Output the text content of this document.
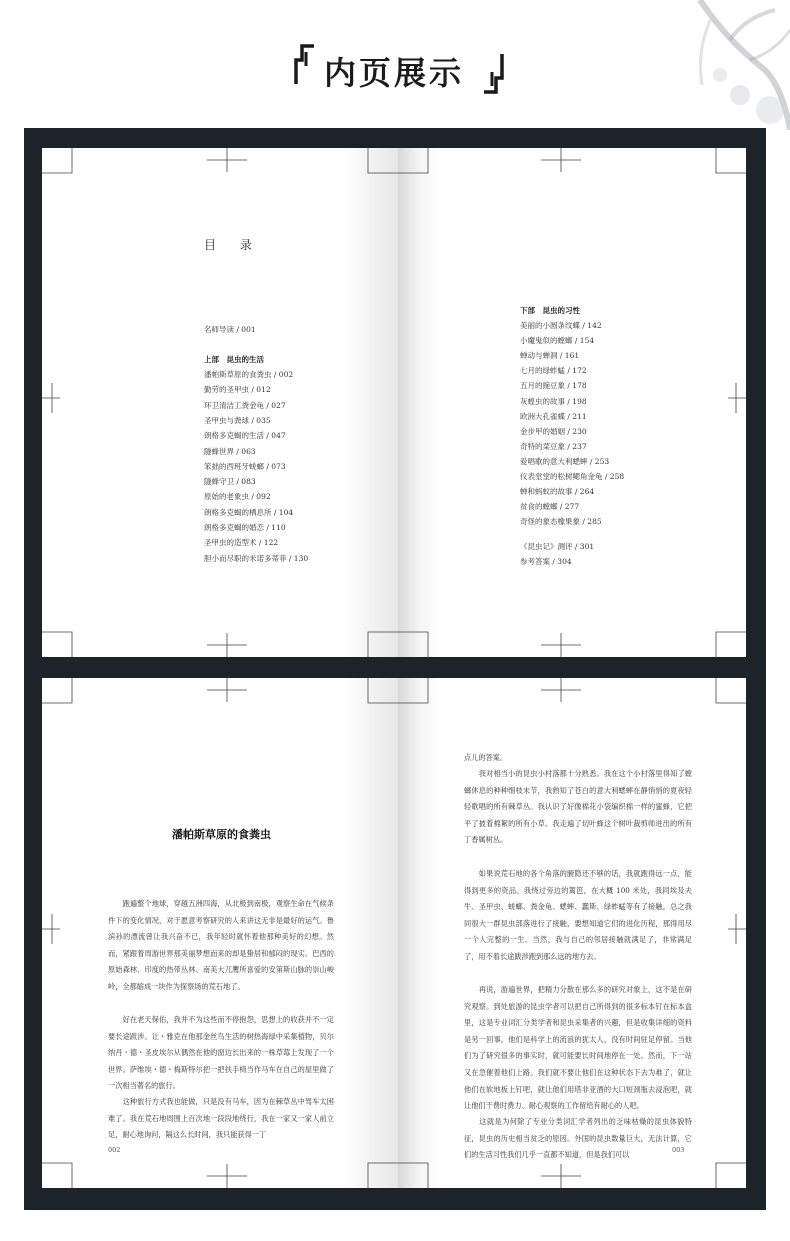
内页展示
目 录
名师导读 / 001
上部　昆虫的生活
潘帕斯草原的食粪虫 / 002
勤劳的圣甲虫 / 012
环卫清洁工粪金龟 / 027
圣甲虫与粪球 / 035
朗格多克蝎的生活 / 047
隧蜂世界 / 063
笨拙的西班牙蜣螂 / 073
隧蜂守卫 / 083
原始的老象虫 / 092
朗格多克蝎的栖息所 / 104
朗格多克蝎的婚恋 / 110
圣甲虫的造型术 / 122
胆小而尽职的米诺多蒂菲 / 130
下部　昆虫的习性
美丽的小圆条纹蝶 / 142
小魔鬼似的螳螂 / 154
蝉动与蝉洞 / 161
七月的绿蚱蜢 / 172
五月的豌豆象 / 178
灰蝗虫的故事 / 198
欧洲大孔雀蝶 / 211
金步甲的婚姻 / 230
奇特的菜豆象 / 237
爱唱歌的意大利蟋蟀 / 253
仪表堂堂的松树鳃角金龟 / 258
蝉和蚂蚁的故事 / 264
贫食的螳螂 / 277
奇怪的象态橡果象 / 285
《昆虫记》测评 / 301
参考答案 / 304
潘帕斯草原的食粪虫
　　跑遍整个地球，穿越五洲四海，从北极到南极，观察生命在气候条件下的变化情况，对于愿意考察研究的人来讲这无非是最好的运气。鲁滨孙的漂流曾让我兴奋不已，我年轻时就怀着他那种美好的幻想。然而，紧跟着周游世界那美丽梦想而来的却是蛰居和郁闷的现实。巴西的原始森林、印度的热带丛林、南美大兀鹰所喜爱的安第斯山脉的崇山峻岭，全都缩成一块作为探察场的荒石地了。
　　好在老天保佑，我并不为这些而不停抱怨，思想上的收获并不一定要长途跋涉。让・雅克在他那金丝鸟生活的树热海绿中采集植物，贝尔纳丹・德・圣皮埃尔从偶然在他的窗边长出来的一株草莓上发现了一个世界。萨维埃・德・梅斯特尔把一把扶手椅当作马车在自己的屋里做了一次相当著名的旅行。
　　这种旅行方式我也能做，只是没有马车，因为在棘草丛中驾车太困难了。我在荒石地周围上百次地一段段地绕行，我在一家又一家人前立足，耐心地询问，隔这么长时间，我只能获得一丁
002
点儿的答案。
　　我对相当小的昆虫小村落都十分熟悉。我在这个小村落里得知了螳螂休息的种种细枝末节，我熟知了苍白的意大利蟋蟀在静悄悄的夏夜轻轻歌唱的所有棘草丛。我认识了好像棉花小袋编织棉一样的蜜蜂，它把平了披着棉絮的所有小草。我走遍了切叶蜂这个树叶裁剪师进出的所有丁香属树丛。
　　如果说荒石地的各个角落的腑隐还不够的话，我就跑得远一点，能得到更多的资品。我绕过旁边的篱笆，在大概 100 米处，我同埃及夫牛、圣甲虫、蜣螂、粪金龟、蟋蟀、蠢斯、绿蚱蜢等有了接触，总之我同很大一群昆虫部落进行了接触，要想知道它们的进化历程，那得用尽一个人完整的一生。当然，我与自己的邻居接触就满足了，非常满足了，用不着长途跋涉跑到那么远的地方去。
　　再说，游遍世界，把精力分散在那么多的研究对象上，这不是在研究观察。到处旅游的昆虫学者可以把自己所得到的很多标本钉在标本盒里，这是专业词汇分类学者和昆虫采集者的兴趣，但是收集详细的资料是另一回事。他们是科学上的流浪的犹太人，没有时间驻足停留。当他们为了研究很多的事实时，就可能要长时间地停在一处。然而，下一站又在急催着他们上路。我们就不要让他们在这种状态下去为难了，就让他们在软地板上钉吧，就让他们用塔非亚酒的大口短颈瓶去浸泡吧，就让他们干费时费力、耐心观察的工作留给有耐心的人吧。
　　这就是为何除了专业分类词汇学者列出的乏味枯燥的昆虫体貌特征，昆虫的历史相当贫乏的原因。外国的昆虫数量巨大，无法计算，它们的生活习性我们几乎一直都不知道，但是我们可以
003
